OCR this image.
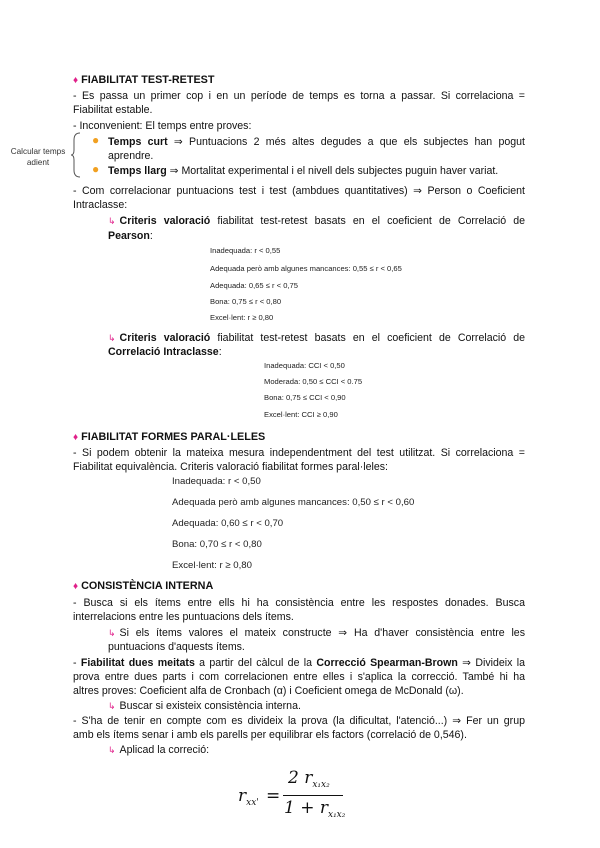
♦ FIABILITAT TEST-RETEST
- Es passa un primer cop i en un període de temps es torna a passar. Si correlaciona =
Fiabilitat estable.
- Inconvenient: El temps entre proves:
Calcular temps adient
● Temps curt ⇒ Puntuacions 2 més altes degudes a que els subjectes han pogut
aprendre.
● Temps llarg ⇒ Mortalitat experimental i el nivell dels subjectes puguin haver variat.
- Com correlacionar puntuacions test i test (ambdues quantitatives) ⇒ Person o Coeficient
Intraclasse:
↳ Criteris valoració fiabilitat test-retest basats en el coeficient de Correlació de
Pearson:
Inadequada: r < 0,55
Adequada però amb algunes mancances: 0,55 ≤ r < 0,65
Adequada: 0,65 ≤ r < 0,75
Bona: 0,75 ≤ r < 0,80
Excel·lent: r ≥ 0,80
↳ Criteris valoració fiabilitat test-retest basats en el coeficient de Correlació de
Correlació Intraclasse:
Inadequada: CCI < 0,50
Moderada: 0,50 ≤ CCI < 0.75
Bona: 0,75 ≤ CCI < 0,90
Excel·lent: CCI ≥ 0,90
♦ FIABILITAT FORMES PARAL·LELES
- Si podem obtenir la mateixa mesura independentment del test utilitzat. Si correlaciona =
Fiabilitat equivalència. Criteris valoració fiabilitat formes paral·leles:
Inadequada: r < 0,50
Adequada però amb algunes mancances: 0,50 ≤ r < 0,60
Adequada: 0,60 ≤ r < 0,70
Bona: 0,70 ≤ r < 0,80
Excel·lent: r ≥ 0,80
♦ CONSISTÈNCIA INTERNA
- Busca si els ítems entre ells hi ha consistència entre les respostes donades. Busca
interrelacions entre les puntuacions dels ítems.
↳ Si els ítems valores el mateix constructe ⇒ Ha d'haver consistència entre les
puntuacions d'aquests ítems.
- Fiabilitat dues meitats a partir del càlcul de la Correcció Spearman-Brown ⇒ Divideix la
prova entre dues parts i com correlacionen entre elles i s'aplica la correcció. També hi ha
altres proves: Coeficient alfa de Cronbach (α) i Coeficient omega de McDonald (ω).
↳ Buscar si existeix consistència interna.
- S'ha de tenir en compte com es divideix la prova (la dificultat, l'atenció...) ⇒ Fer un grup
amb els ítems senar i amb els parells per equilibrar els factors (correlació de 0,546).
↳ Aplicad la correció:
$r_{xx'}$ =
2 $r_{x_1x_2}$
$1 + r_{x_1x_2}$
